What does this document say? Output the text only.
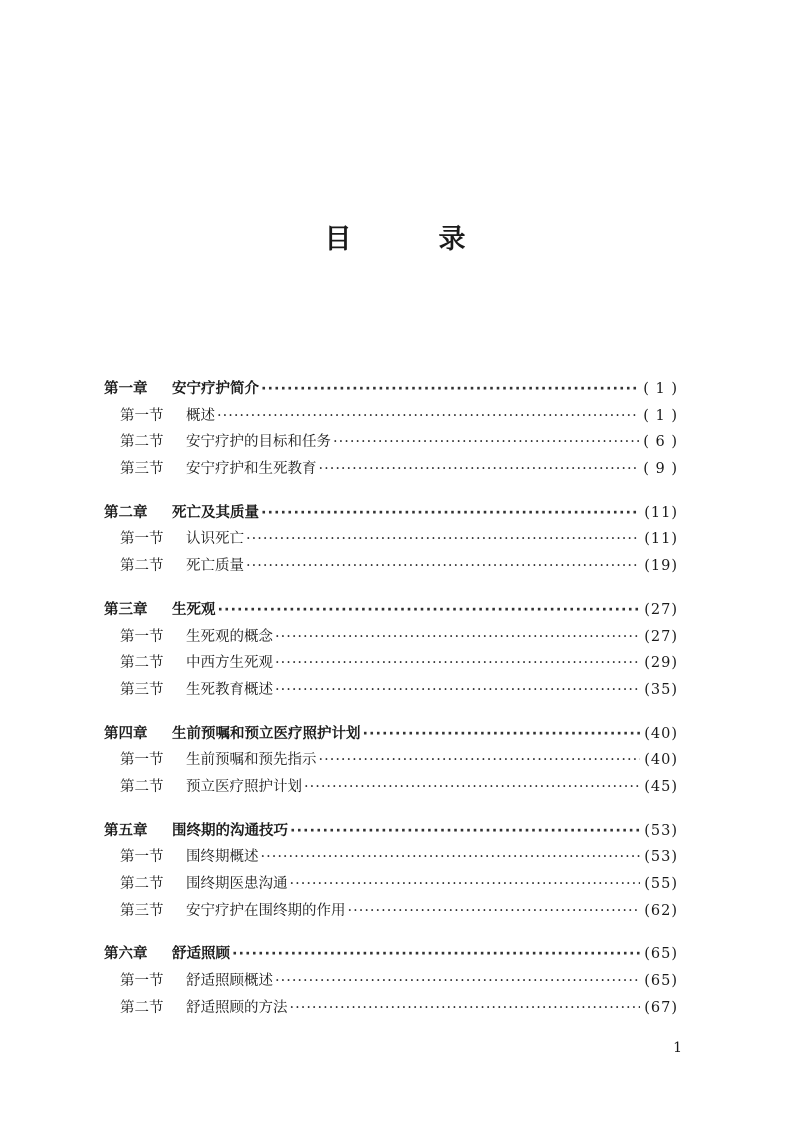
目　录
第一章	安宁疗护简介 ·····	( 1 )
第一节	概述 ·····	( 1 )
第二节	安宁疗护的目标和任务 ·····	( 6 )
第三节	安宁疗护和生死教育 ·····	( 9 )
第二章	死亡及其质量 ·····	(11)
第一节	认识死亡 ·····	(11)
第二节	死亡质量 ·····	(19)
第三章	生死观 ·····	(27)
第一节	生死观的概念 ·····	(27)
第二节	中西方生死观 ·····	(29)
第三节	生死教育概述 ·····	(35)
第四章	生前预嘱和预立医疗照护计划 ·····	(40)
第一节	生前预嘱和预先指示 ·····	(40)
第二节	预立医疗照护计划 ·····	(45)
第五章	围终期的沟通技巧 ·····	(53)
第一节	围终期概述 ·····	(53)
第二节	围终期医患沟通 ·····	(55)
第三节	安宁疗护在围终期的作用 ·····	(62)
第六章	舒适照顾 ·····	(65)
第一节	舒适照顾概述 ·····	(65)
第二节	舒适照顾的方法 ·····	(67)
1
